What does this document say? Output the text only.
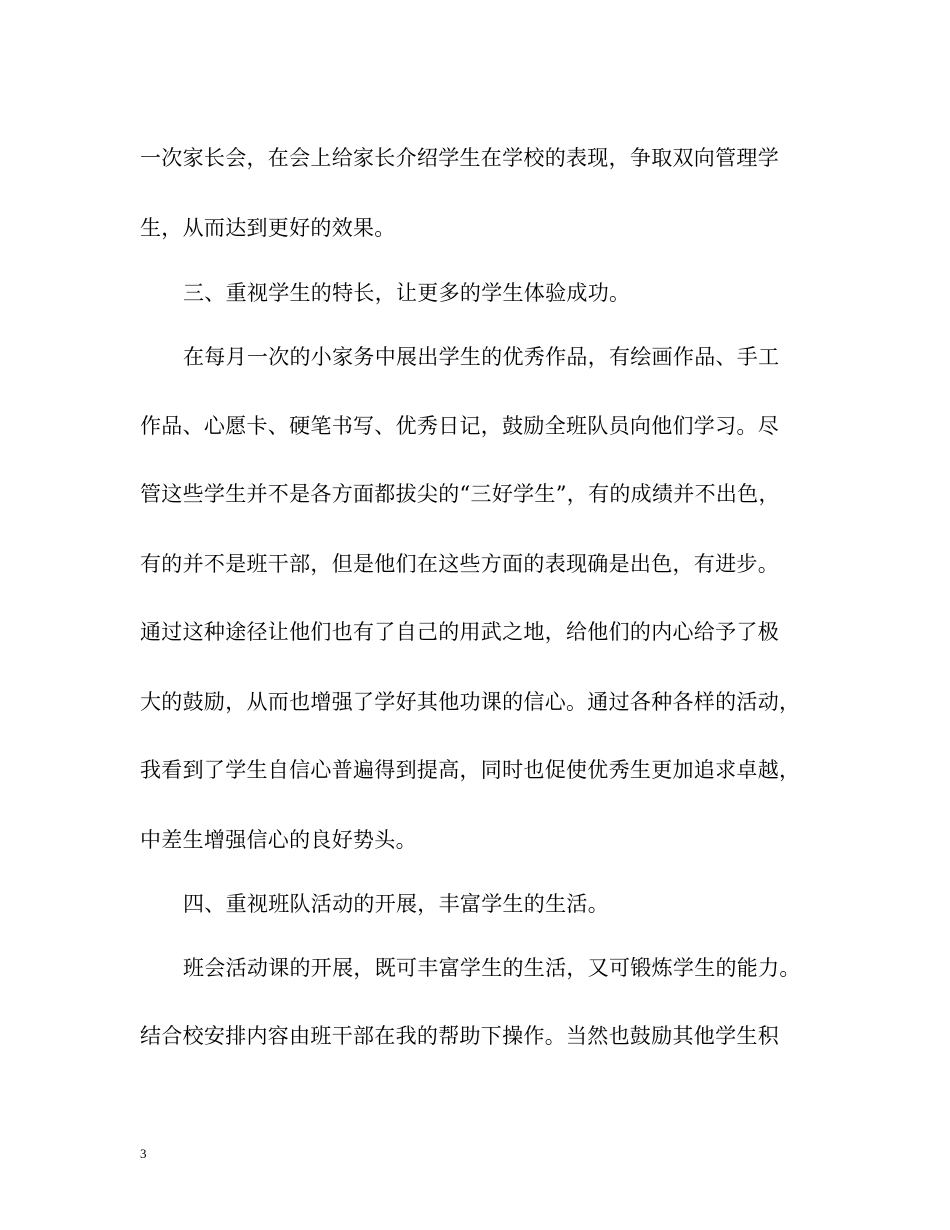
一次家长会，在会上给家长介绍学生在学校的表现，争取双向管理学
生，从而达到更好的效果。
三、重视学生的特长，让更多的学生体验成功。
在每月一次的小家务中展出学生的优秀作品，有绘画作品、手工
作品、心愿卡、硬笔书写、优秀日记，鼓励全班队员向他们学习。尽
管这些学生并不是各方面都拔尖的“三好学生”，有的成绩并不出色，
有的并不是班干部，但是他们在这些方面的表现确是出色，有进步。
通过这种途径让他们也有了自己的用武之地，给他们的内心给予了极
大的鼓励，从而也增强了学好其他功课的信心。通过各种各样的活动，
我看到了学生自信心普遍得到提高，同时也促使优秀生更加追求卓越，
中差生增强信心的良好势头。
四、重视班队活动的开展，丰富学生的生活。
班会活动课的开展，既可丰富学生的生活，又可锻炼学生的能力。
结合校安排内容由班干部在我的帮助下操作。当然也鼓励其他学生积
3
